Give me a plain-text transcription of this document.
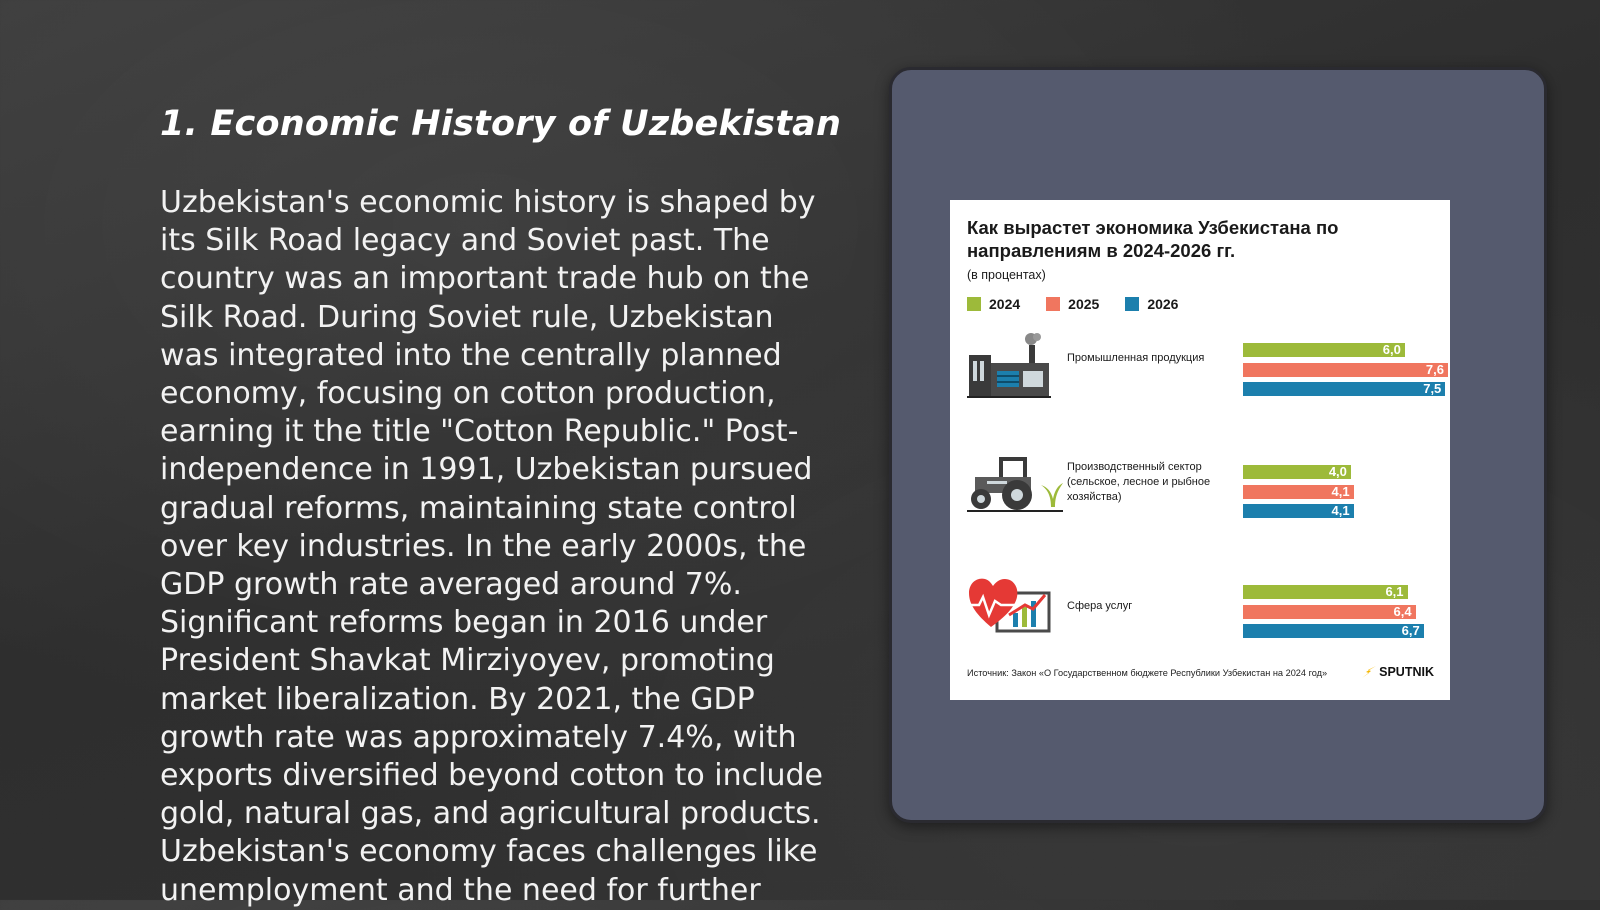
1. Economic History of Uzbekistan

Uzbekistan's economic history is shaped by its Silk Road legacy and Soviet past. The country was an important trade hub on the Silk Road. During Soviet rule, Uzbekistan was integrated into the centrally planned economy, focusing on cotton production, earning it the title "Cotton Republic." Post-independence in 1991, Uzbekistan pursued gradual reforms, maintaining state control over key industries. In the early 2000s, the GDP growth rate averaged around 7%. Significant reforms began in 2016 under President Shavkat Mirziyoyev, promoting market liberalization. By 2021, the GDP growth rate was approximately 7.4%, with exports diversified beyond cotton to include gold, natural gas, and agricultural products. Uzbekistan's economy faces challenges like unemployment and the need for further

Как вырастет экономика Узбекистана по направлениям в 2024-2026 гг.
(в процентах)
2024	2025	2026
Промышленная продукция
6,0
7,6
7,5
Производственный сектор (сельское, лесное и рыбное хозяйства)
4,0
4,1
4,1
Сфера услуг
6,1
6,4
6,7
Источник: Закон «О Государственном бюджете Республики Узбекистан на 2024 год»	SPUTNIK
